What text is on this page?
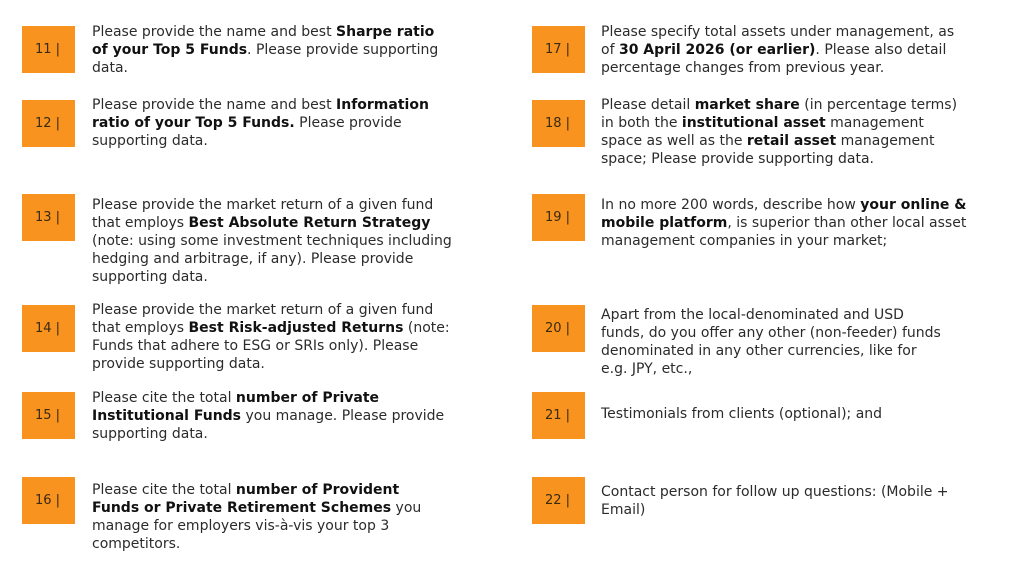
11 |
Please provide the name and best Sharpe ratio of your Top 5 Funds. Please provide supporting data.
12 |
Please provide the name and best Information ratio of your Top 5 Funds. Please provide supporting data.
13 |
Please provide the market return of a given fund that employs Best Absolute Return Strategy (note: using some investment techniques including hedging and arbitrage, if any). Please provide supporting data.
14 |
Please provide the market return of a given fund that employs Best Risk-adjusted Returns (note: Funds that adhere to ESG or SRIs only). Please provide supporting data.
15 |
Please cite the total number of Private Institutional Funds you manage. Please provide supporting data.
16 |
Please cite the total number of Provident Funds or Private Retirement Schemes you manage for employers vis-à-vis your top 3 competitors.
17 |
Please specify total assets under management, as of 30 April 2026 (or earlier). Please also detail percentage changes from previous year.
18 |
Please detail market share (in percentage terms) in both the institutional asset management space as well as the retail asset management space; Please provide supporting data.
19 |
In no more 200 words, describe how your online & mobile platform, is superior than other local asset management companies in your market;
20 |
Apart from the local-denominated and USD funds, do you offer any other (non-feeder) funds denominated in any other currencies, like for e.g. JPY, etc.,
21 |	Testimonials from clients (optional); and
22 |
Contact person for follow up questions: (Mobile + Email)
